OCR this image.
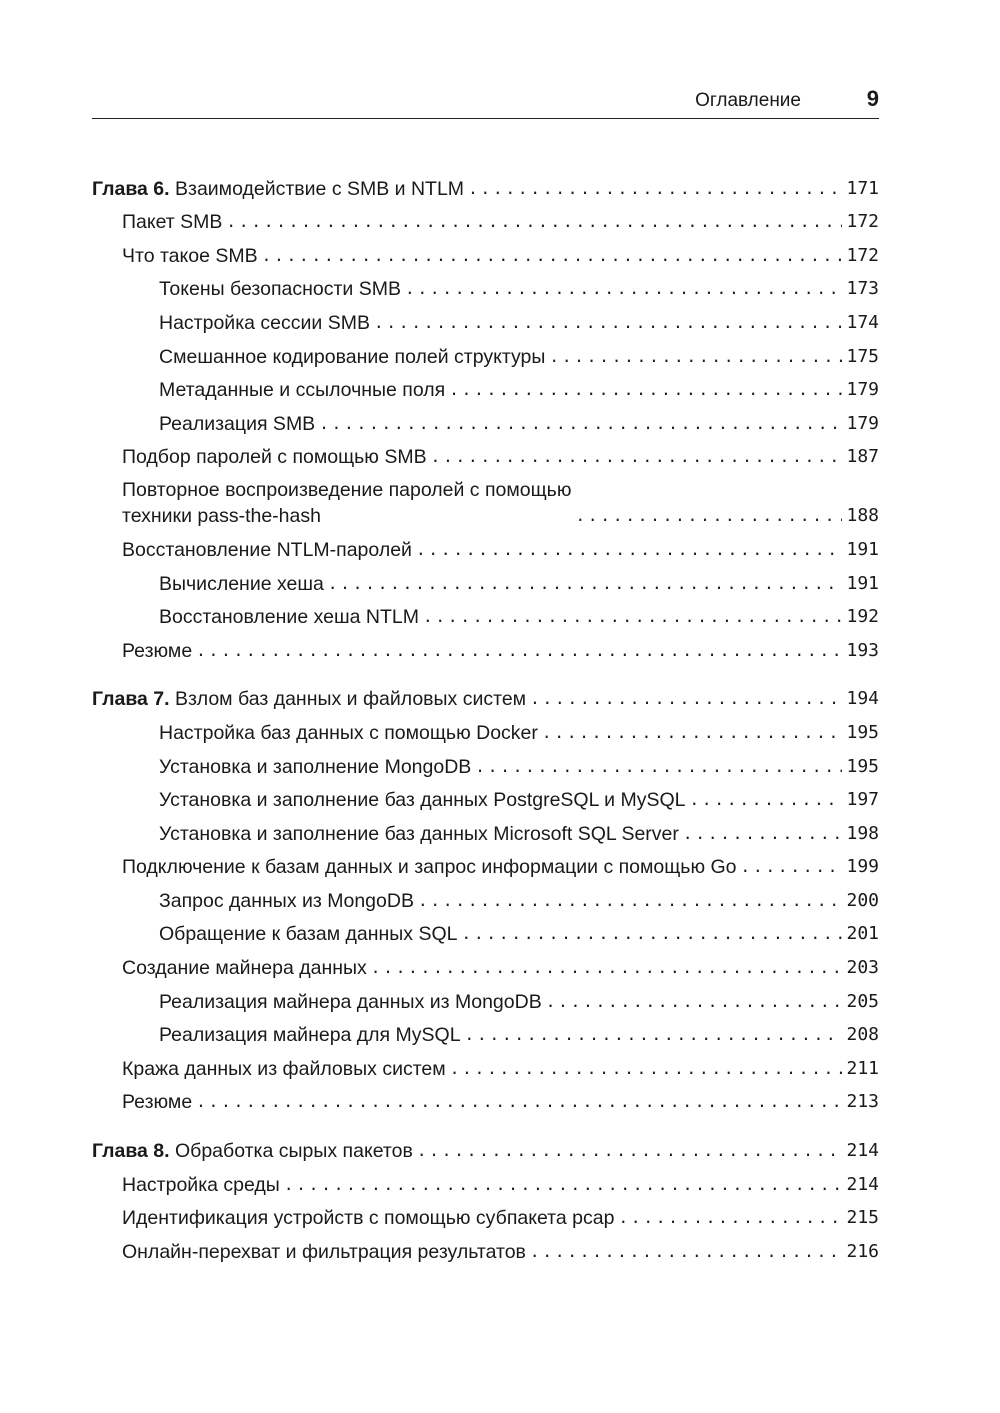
Оглавление	9
Глава 6. Взаимодействие с SMB и NTLM . . .	171
Пакет SMB . . .	172
Что такое SMB . . .	172
Токены безопасности SMB . . .	173
Настройка сессии SMB . . .	174
Смешанное кодирование полей структуры . . .	175
Метаданные и ссылочные поля . . .	179
Реализация SMB . . .	179
Подбор паролей с помощью SMB . . .	187
Повторное воспроизведение паролей с помощью
техники pass-the-hash . . .	188
Восстановление NTLM-паролей . . .	191
Вычисление хеша . . .	191
Восстановление хеша NTLM . . .	192
Резюме . . .	193
Глава 7. Взлом баз данных и файловых систем . . .	194
Настройка баз данных с помощью Docker . . .	195
Установка и заполнение MongoDB . . .	195
Установка и заполнение баз данных PostgreSQL и MySQL . . .	197
Установка и заполнение баз данных Microsoft SQL Server . . .	198
Подключение к базам данных и запрос информации с помощью Go . . .	199
Запрос данных из MongoDB . . .	200
Обращение к базам данных SQL . . .	201
Создание майнера данных . . .	203
Реализация майнера данных из MongoDB . . .	205
Реализация майнера для MySQL . . .	208
Кража данных из файловых систем . . .	211
Резюме . . .	213
Глава 8. Обработка сырых пакетов . . .	214
Настройка среды . . .	214
Идентификация устройств с помощью субпакета pcap . . .	215
Онлайн-перехват и фильтрация результатов . . .	216
